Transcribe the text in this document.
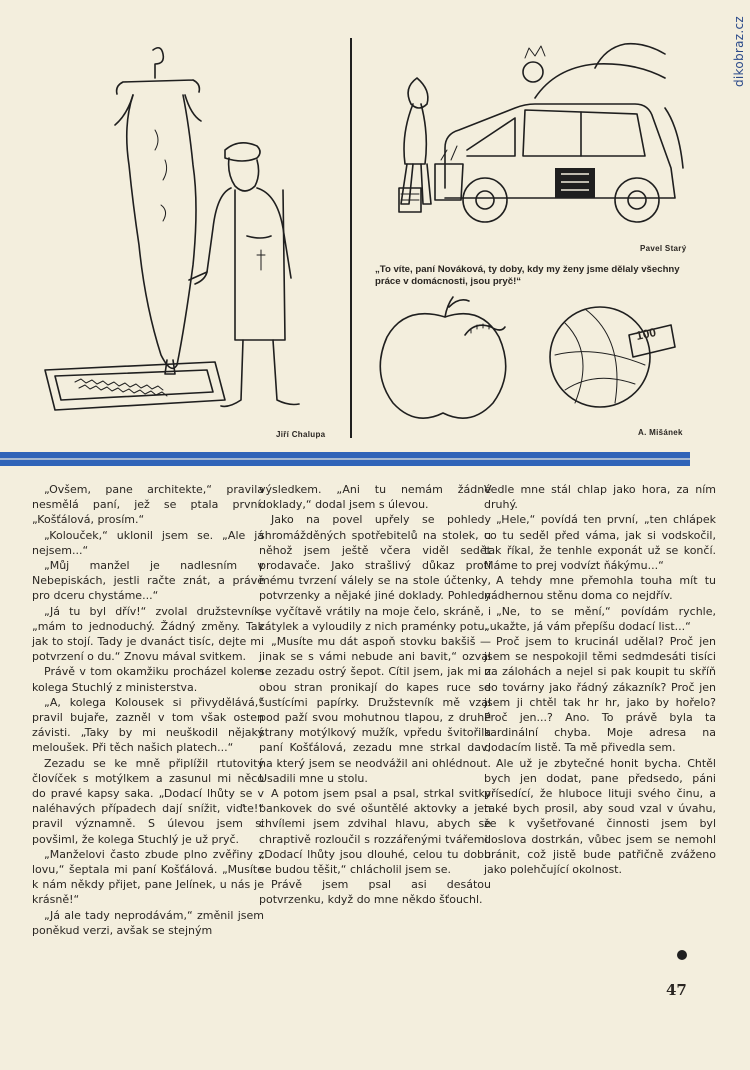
dikobraz.cz
Pavel Starý
„To víte, paní Nováková, ty doby, kdy my ženy jsme dělaly všechny práce v domácnosti, jsou pryč!“
100
Jiří Chalupa	A. Mišánek

„Ovšem, pane architekte,“ pravila nesmělá paní, jež se ptala první. „Košťálová, prosím.“

„Kolouček,“ uklonil jsem se. „Ale já nejsem...“

„Můj manžel je nadlesním v Nebepiskách, jestli račte znát, a právě pro dceru chystáme...“

„Já tu byl dřív!“ zvolal družstevník, „mám to jednoduchý. Žádný změny. Tak jak to stojí. Tady je dvanáct tisíc, dejte mi potvrzení o du.“ Znovu mával svitkem.

Právě v tom okamžiku procházel kolem kolega Stuchlý z ministerstva.

„A, kolega Kolousek si přivydělává,“ pravil bujaře, zazněl v tom však osten závisti. „Taky by mi neuškodil nějaký meloušek. Při těch našich platech...“

Zezadu se ke mně připlížil rtutovitý človíček s motýlkem a zasunul mi něco do pravé kapsy saka. „Dodací lhůty se v naléhavých případech dají snížit, viďte!“ pravil významně. S úlevou jsem si povšiml, že kolega Stuchlý je už pryč.

„Manželovi často zbude plno zvěřiny z lovu,“ šeptala mi paní Košťálová. „Musíte k nám někdy přijet, pane Jelínek, u nás je krásně!“

„Já ale tady neprodávám,“ změnil jsem poněkud verzi, avšak se stejným

výsledkem. „Ani tu nemám žádné doklady,“ dodal jsem s úlevou.

Jako na povel upřely se pohledy shromážděných spotřebitelů na stolek, u něhož jsem ještě včera viděl sedět prodavače. Jako strašlivý důkaz proti mému tvrzení válely se na stole účtenky, potvrzenky a nějaké jiné doklady. Pohledy se vyčítavě vrátily na moje čelo, skráně, i zátylek a vyloudily z nich praménky potu.

„Musíte mu dát aspoň stovku bakšiš — jinak se s vámi nebude ani bavit,“ ozval se zezadu ostrý šepot. Cítil jsem, jak mi z obou stran pronikají do kapes ruce se šustícími papírky. Družstevník mě vzal pod paží svou mohutnou tlapou, z druhé strany motýlkový mužík, vpředu švitořila paní Košťálová, zezadu mne strkal dav, na který jsem se neodvážil ani ohlédnout. Usadili mne u stolu.

A potom jsem psal a psal, strkal svitky bankovek do své ošuntělé aktovky a jen chvílemi jsem zdvihal hlavu, abych se chraptivě rozloučil s rozzářenými tvářemi. „Dodací lhůty jsou dlouhé, celou tu dobu se budou těšit,“ chlácholil jsem se.

Právě jsem psal asi desátou potvrzenku, když do mne někdo šťouchl.

Vedle mne stál chlap jako hora, za ním druhý.

„Hele,“ povídá ten první, „ten chlápek co tu seděl před vámа, jak si vodskočil, tak říkal, že tenhle exponát už se končí. Máme to prej vodvízt ňákýmu...“

A tehdy mne přemohla touha mít tu nádhernou stěnu doma co nejdřív.

„Ne, to se mění,“ povídám rychle, „ukažte, já vám přepíšu dodací list...“

Proč jsem to krucinál udělal? Proč jen jsem se nespokojil těmi sedmdesáti tisíci na zálohách a nejel si pak koupit tu skříň do továrny jako řádný zákazník? Proč jen jsem ji chtěl tak hr hr, jako by hořelo? Proč jen...? Ano. To právě byla ta kardinální chyba. Moje adresa na dodacím listě. Ta mě přivedla sem.

Ale už je zbytečné honit bycha. Chtěl bych jen dodat, pane předsedo, páni přísedící, že hluboce lituji svého činu, a také bych prosil, aby soud vzal v úvahu, že k vyšetřované činnosti jsem byl doslova dostrkán, vůbec jsem se nemohl bránit, což jistě bude patřičně zváženo jako polehčující okolnost.

47
